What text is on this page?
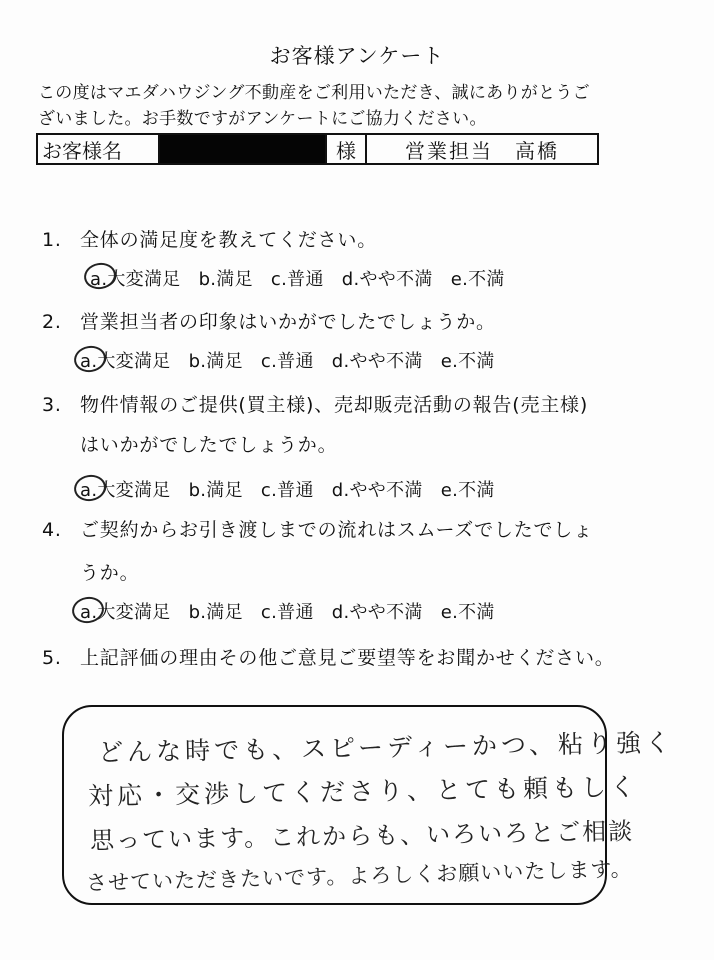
お客様アンケート
この度はマエダハウジング不動産をご利用いただき、誠にありがとうご
ざいました。お手数ですがアンケートにご協力ください。
お客様名	様	営業担当 高橋
1. 全体の満足度を教えてください。
a.大変満足 b.満足 c.普通 d.やや不満 e.不満
2. 営業担当者の印象はいかがでしたでしょうか。
a.大変満足 b.満足 c.普通 d.やや不満 e.不満
3. 物件情報のご提供(買主様)、売却販売活動の報告(売主様)
はいかがでしたでしょうか。
a.大変満足 b.満足 c.普通 d.やや不満 e.不満
4. ご契約からお引き渡しまでの流れはスムーズでしたでしょ
うか。
a.大変満足 b.満足 c.普通 d.やや不満 e.不満
5. 上記評価の理由その他ご意見ご要望等をお聞かせください。
どんな時でも、スピーディーかつ、粘り強く
対応・交渉してくださり、とても頼もしく
思っています。これからも、いろいろとご相談
させていただきたいです。よろしくお願いいたします。
